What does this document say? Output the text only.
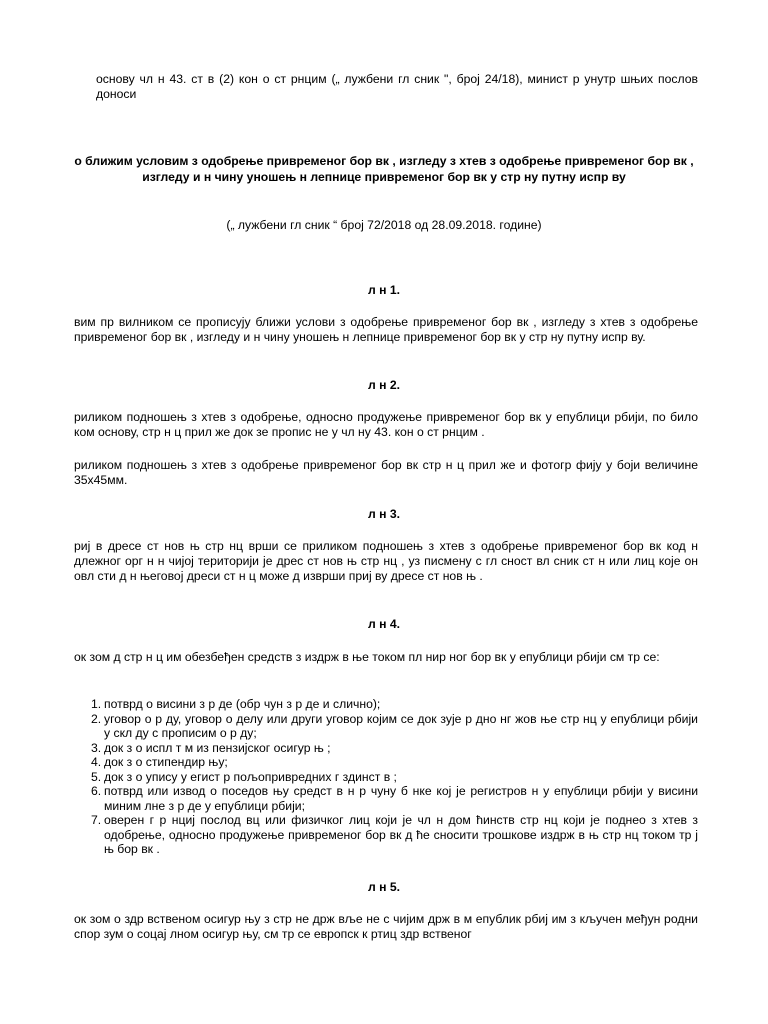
основу чл н 43. ст в (2) кон о ст рнцим („ лужбени гл сник ", број 24/18), минист р унутр шњих послов доноси
о ближим условим з одобрење привременог бор вк , изгледу з хтев з одобрење привременог бор вк , изгледу и н чину уношењ н лепнице привременог бор вк у стр ну путну испр ву
(„ лужбени гл сник “ број 72/2018 од 28.09.2018. године)
л н 1.
вим пр вилником се прописују ближи услови з одобрење привременог бор вк , изгледу з хтев з одобрење привременог бор вк , изгледу и н чину уношењ н лепнице привременог бор вк у стр ну путну испр ву.
л н 2.
риликом подношењ з хтев з одобрење, односно продужење привременог бор вк у епублици рбији, по било ком основу, стр н ц прил же док зе пропис не у чл ну 43. кон о ст рнцим .
риликом подношењ з хтев з одобрење привременог бор вк стр н ц прил же и фотогр фију у боји величине 35х45мм.
л н 3.
риј в дресе ст нов њ стр нц врши се приликом подношењ з хтев з одобрење привременог бор вк код н длежног орг н н чијој територији је дрес ст нов њ стр нц , уз писмену с гл сност вл сник ст н или лиц које он овл сти д н његовој дреси ст н ц може д изврши приј ву дресе ст нов њ .
л н 4.
ок зом д стр н ц им обезбеђен средств з издрж в ње током пл нир ног бор вк у епублици рбији см тр се:
1. потврд о висини з р де (обр чун з р де и слично);
2. уговор о р ду, уговор о делу или други уговор којим се док зује р дно нг жов ње стр нц у епублици рбији у скл ду с прописим о р ду;
3. док з о испл т м из пензијског осигур њ ;
4. док з о стипендир њу;
5. док з о упису у егист р пољопривредних г здинст в ;
6. потврд или извод о поседов њу средст в н р чуну б нке кој је регистров н у епублици рбији у висини миним лне з р де у епублици рбији;
7. оверен г р нциј послод вц или физичког лиц који је чл н дом ћинств стр нц који је поднео з хтев з одобрење, односно продужење привременог бор вк д ће сносити трошкове издрж в њ стр нц током тр ј њ бор вк .
л н 5.
ок зом о здр вственом осигур њу з стр не држ вље не с чијим држ в м епублик рбиј им з кључен међун родни спор зум о соцај лном осигур њу, см тр се европск к ртиц здр вственог
